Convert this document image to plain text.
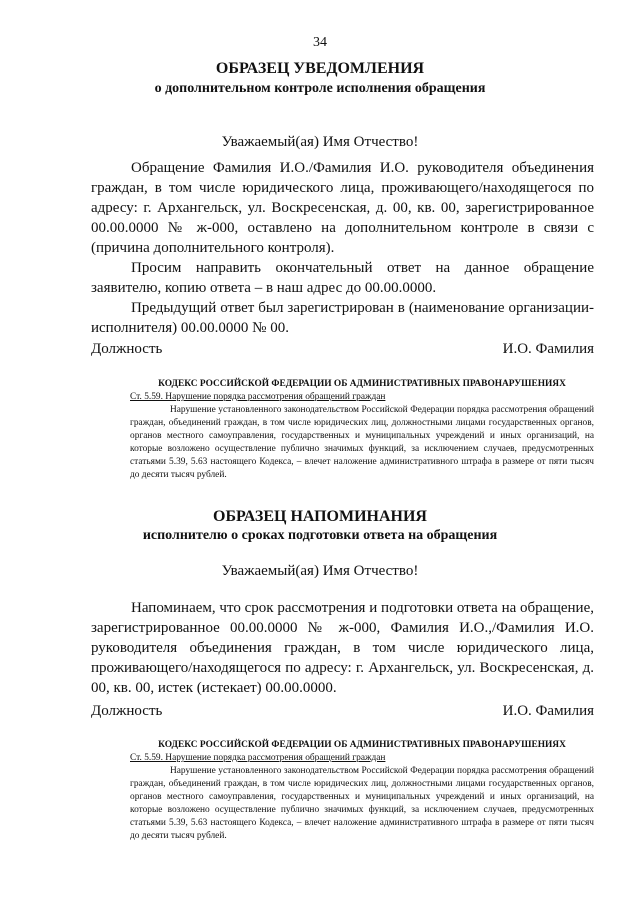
34
ОБРАЗЕЦ УВЕДОМЛЕНИЯ
о дополнительном контроле исполнения обращения
Уважаемый(ая) Имя Отчество!

Обращение Фамилия И.О./Фамилия И.О. руководителя объединения граждан, в том числе юридического лица, проживающего/находящегося по адресу: г. Архангельск, ул. Воскресенская, д. 00, кв. 00, зарегистрированное 00.00.0000 № ж-000, оставлено на дополнительном контроле в связи с (причина дополнительного контроля).

Просим направить окончательный ответ на данное обращение заявителю, копию ответа – в наш адрес до 00.00.0000.

Предыдущий ответ был зарегистрирован в (наименование организации-исполнителя) 00.00.0000 № 00.

Должность	И.О. Фамилия
КОДЕКС РОССИЙСКОЙ ФЕДЕРАЦИИ ОБ АДМИНИСТРАТИВНЫХ ПРАВОНАРУШЕНИЯХ
Ст. 5.59. Нарушение порядка рассмотрения обращений граждан
Нарушение установленного законодательством Российской Федерации порядка рассмотрения обращений граждан, объединений граждан, в том числе юридических лиц, должностными лицами государственных органов, органов местного самоуправления, государственных и муниципальных учреждений и иных организаций, на которые возложено осуществление публично значимых функций, за исключением случаев, предусмотренных статьями 5.39, 5.63 настоящего Кодекса, – влечет наложение административного штрафа в размере от пяти тысяч до десяти тысяч рублей.
ОБРАЗЕЦ НАПОМИНАНИЯ
исполнителю о сроках подготовки ответа на обращения
Уважаемый(ая) Имя Отчество!

Напоминаем, что срок рассмотрения и подготовки ответа на обращение, зарегистрированное 00.00.0000 № ж-000, Фамилия И.О.,/Фамилия И.О. руководителя объединения граждан, в том числе юридического лица, проживающего/находящегося по адресу: г. Архангельск, ул. Воскресенская, д. 00, кв. 00, истек (истекает) 00.00.0000.

Должность	И.О. Фамилия
КОДЕКС РОССИЙСКОЙ ФЕДЕРАЦИИ ОБ АДМИНИСТРАТИВНЫХ ПРАВОНАРУШЕНИЯХ
Ст. 5.59. Нарушение порядка рассмотрения обращений граждан
Нарушение установленного законодательством Российской Федерации порядка рассмотрения обращений граждан, объединений граждан, в том числе юридических лиц, должностными лицами государственных органов, органов местного самоуправления, государственных и муниципальных учреждений и иных организаций, на которые возложено осуществление публично значимых функций, за исключением случаев, предусмотренных статьями 5.39, 5.63 настоящего Кодекса, – влечет наложение административного штрафа в размере от пяти тысяч до десяти тысяч рублей.
